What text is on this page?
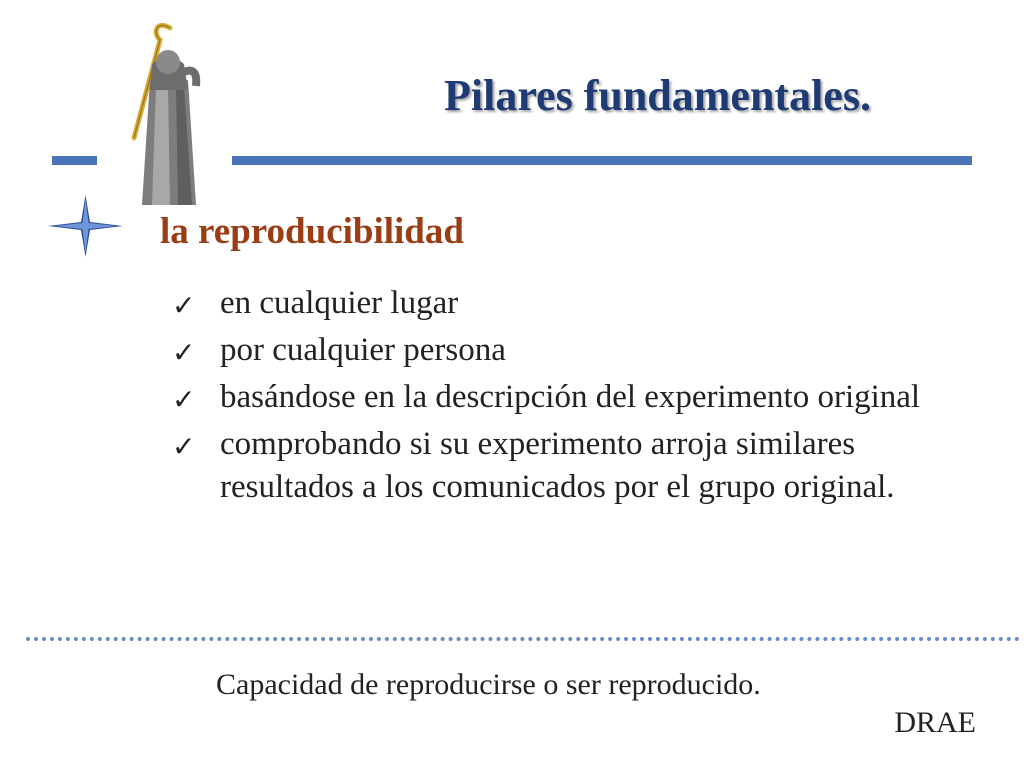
Pilares fundamentales.
la reproducibilidad
✓ en cualquier lugar
✓ por cualquier persona
✓ basándose en la descripción del experimento original
✓ comprobando si su experimento arroja similares resultados a los comunicados por el grupo original.
Capacidad de reproducirse o ser reproducido.
DRAE
